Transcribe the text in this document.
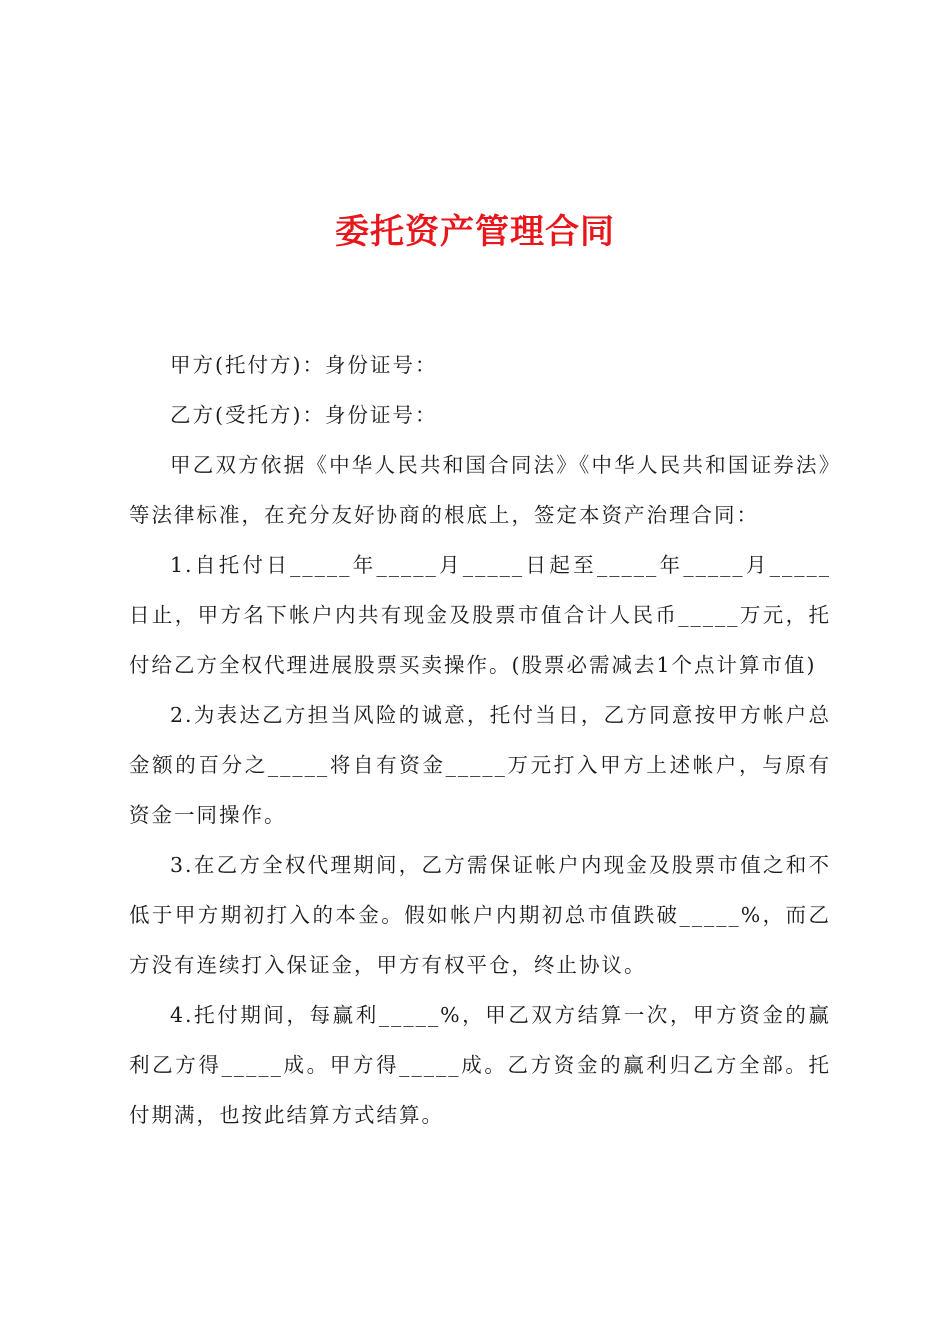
委托资产管理合同

甲方(托付方)：身份证号：

乙方(受托方)：身份证号：

甲乙双方依据《中华人民共和国合同法》《中华人民共和国证券法》等法律标准，在充分友好协商的根底上，签定本资产治理合同：

1.自托付日_____年_____月_____日起至_____年_____月_____日止，甲方名下帐户内共有现金及股票市值合计人民币_____万元，托付给乙方全权代理进展股票买卖操作。(股票必需减去1个点计算市值)

2.为表达乙方担当风险的诚意，托付当日，乙方同意按甲方帐户总金额的百分之_____将自有资金_____万元打入甲方上述帐户，与原有资金一同操作。

3.在乙方全权代理期间，乙方需保证帐户内现金及股票市值之和不低于甲方期初打入的本金。假如帐户内期初总市值跌破_____%，而乙方没有连续打入保证金，甲方有权平仓，终止协议。

4.托付期间，每赢利_____%，甲乙双方结算一次，甲方资金的赢利乙方得_____成。甲方得_____成。乙方资金的赢利归乙方全部。托付期满，也按此结算方式结算。
